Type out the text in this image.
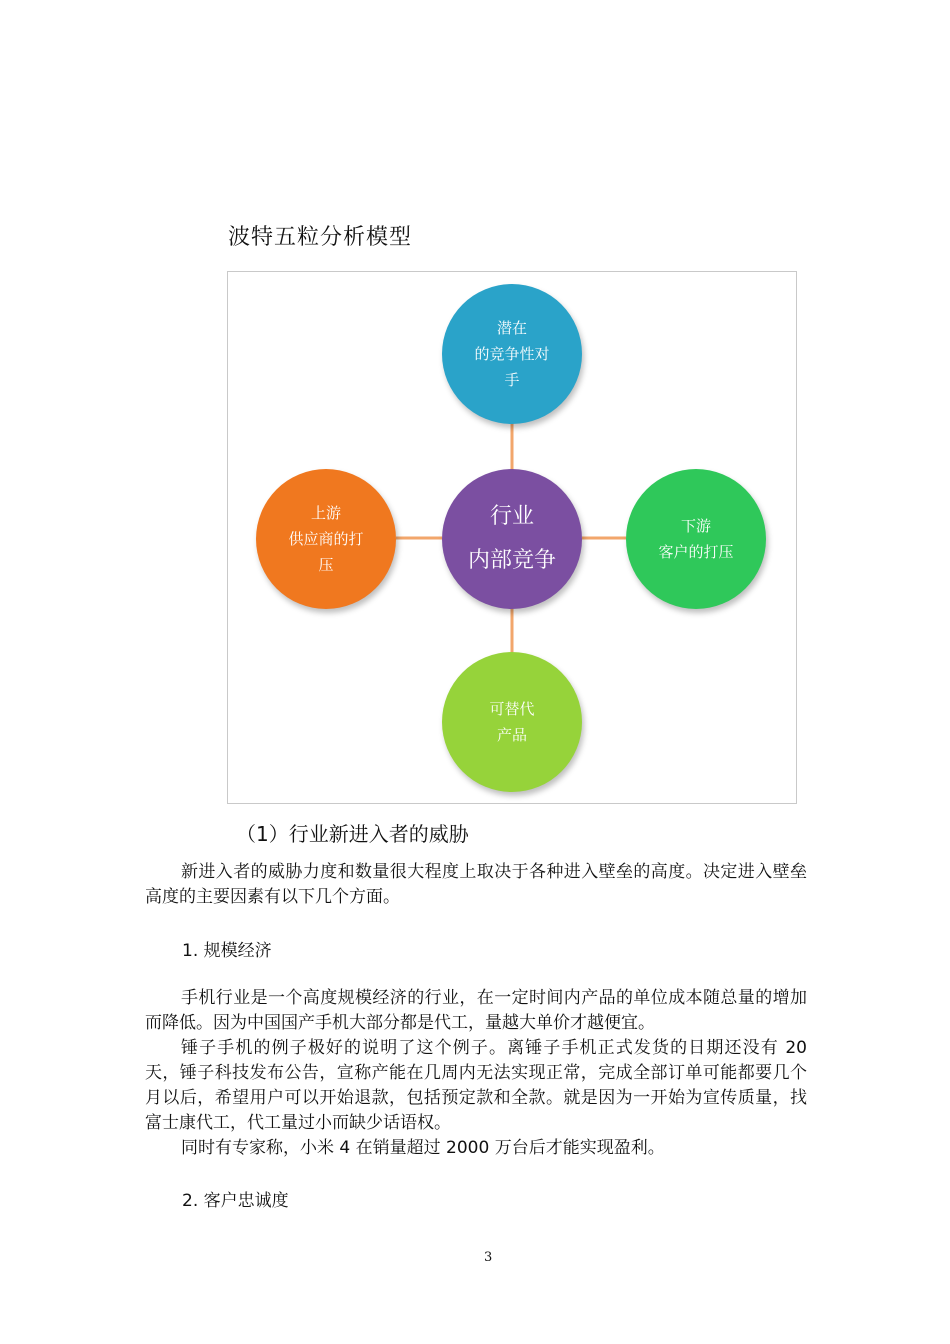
波特五粒分析模型
潜在
的竞争性对
手
上游
供应商的打
压
行业
内部竞争
下游
客户的打压
可替代
产品
（1）行业新进入者的威胁
新进入者的威胁力度和数量很大程度上取决于各种进入壁垒的高度。决定进入壁垒高度的主要因素有以下几个方面。
1. 规模经济
手机行业是一个高度规模经济的行业，在一定时间内产品的单位成本随总量的增加而降低。因为中国国产手机大部分都是代工，量越大单价才越便宜。
锤子手机的例子极好的说明了这个例子。离锤子手机正式发货的日期还没有 20 天，锤子科技发布公告，宣称产能在几周内无法实现正常，完成全部订单可能都要几个月以后，希望用户可以开始退款，包括预定款和全款。就是因为一开始为宣传质量，找富士康代工，代工量过小而缺少话语权。
同时有专家称，小米 4 在销量超过 2000 万台后才能实现盈利。
2. 客户忠诚度
3
